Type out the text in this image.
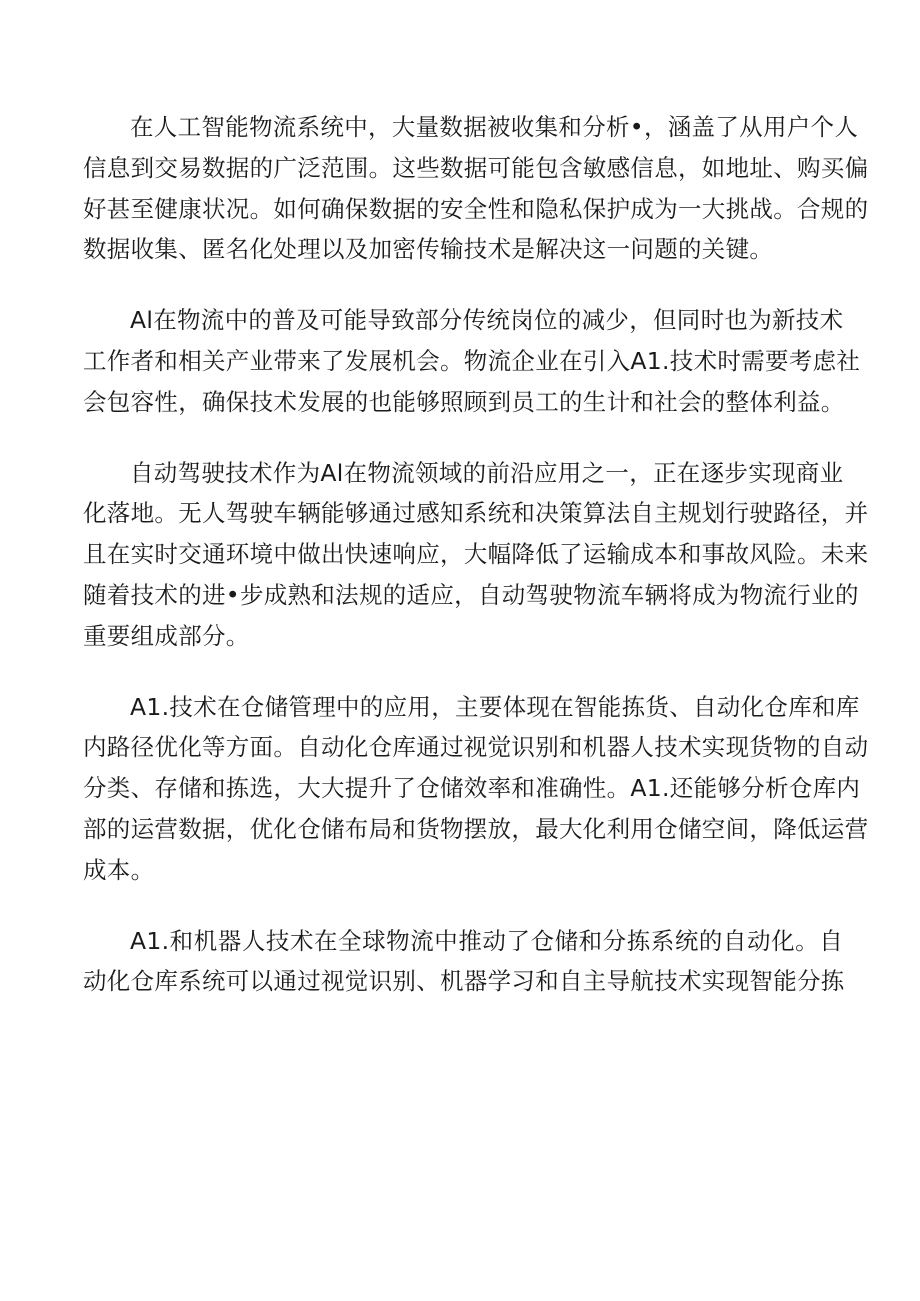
在人工智能物流系统中，大量数据被收集和分析•，涵盖了从用户个人
信息到交易数据的广泛范围。这些数据可能包含敏感信息，如地址、购买偏
好甚至健康状况。如何确保数据的安全性和隐私保护成为一大挑战。合规的
数据收集、匿名化处理以及加密传输技术是解决这一问题的关键。

Al在物流中的普及可能导致部分传统岗位的减少，但同时也为新技术
工作者和相关产业带来了发展机会。物流企业在引入A1.技术时需要考虑社
会包容性，确保技术发展的也能够照顾到员工的生计和社会的整体利益。

自动驾驶技术作为Al在物流领域的前沿应用之一，正在逐步实现商业
化落地。无人驾驶车辆能够通过感知系统和决策算法自主规划行驶路径，并
且在实时交通环境中做出快速响应，大幅降低了运输成本和事故风险。未来
随着技术的进•步成熟和法规的适应，自动驾驶物流车辆将成为物流行业的
重要组成部分。

A1.技术在仓储管理中的应用，主要体现在智能拣货、自动化仓库和库
内路径优化等方面。自动化仓库通过视觉识别和机器人技术实现货物的自动
分类、存储和拣选，大大提升了仓储效率和准确性。A1.还能够分析仓库内
部的运营数据，优化仓储布局和货物摆放，最大化利用仓储空间，降低运营
成本。

A1.和机器人技术在全球物流中推动了仓储和分拣系统的自动化。自
动化仓库系统可以通过视觉识别、机器学习和自主导航技术实现智能分拣
